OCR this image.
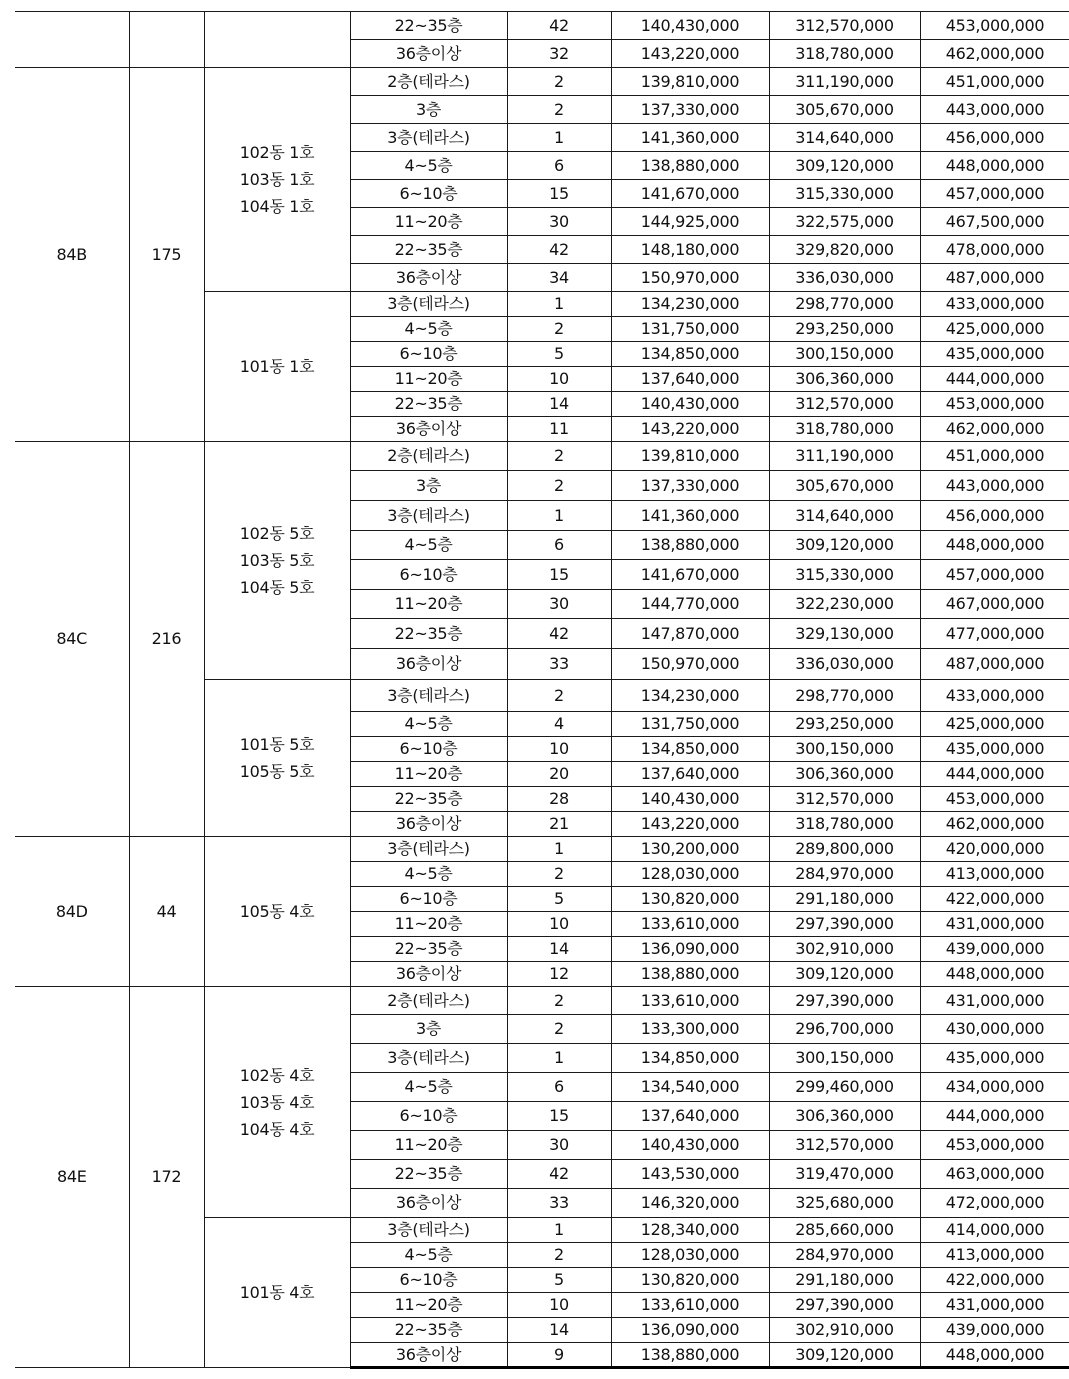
			22~35층	42	140,430,000	312,570,000	453,000,000	
			36층이상	32	143,220,000	318,780,000	462,000,000	
84B	175	102동 1호
103동 1호
104동 1호	2층(테라스)	2	139,810,000	311,190,000	451,000,000	
			3층	2	137,330,000	305,670,000	443,000,000	
			3층(테라스)	1	141,360,000	314,640,000	456,000,000	
			4~5층	6	138,880,000	309,120,000	448,000,000	
			6~10층	15	141,670,000	315,330,000	457,000,000	
			11~20층	30	144,925,000	322,575,000	467,500,000	
			22~35층	42	148,180,000	329,820,000	478,000,000	
			36층이상	34	150,970,000	336,030,000	487,000,000	
		101동 1호	3층(테라스)	1	134,230,000	298,770,000	433,000,000	
			4~5층	2	131,750,000	293,250,000	425,000,000	
			6~10층	5	134,850,000	300,150,000	435,000,000	
			11~20층	10	137,640,000	306,360,000	444,000,000	
			22~35층	14	140,430,000	312,570,000	453,000,000	
			36층이상	11	143,220,000	318,780,000	462,000,000	
84C	216	102동 5호
103동 5호
104동 5호	2층(테라스)	2	139,810,000	311,190,000	451,000,000	
			3층	2	137,330,000	305,670,000	443,000,000	
			3층(테라스)	1	141,360,000	314,640,000	456,000,000	
			4~5층	6	138,880,000	309,120,000	448,000,000	
			6~10층	15	141,670,000	315,330,000	457,000,000	
			11~20층	30	144,770,000	322,230,000	467,000,000	
			22~35층	42	147,870,000	329,130,000	477,000,000	
			36층이상	33	150,970,000	336,030,000	487,000,000	
		101동 5호
105동 5호	3층(테라스)	2	134,230,000	298,770,000	433,000,000	
			4~5층	4	131,750,000	293,250,000	425,000,000	
			6~10층	10	134,850,000	300,150,000	435,000,000	
			11~20층	20	137,640,000	306,360,000	444,000,000	
			22~35층	28	140,430,000	312,570,000	453,000,000	
			36층이상	21	143,220,000	318,780,000	462,000,000	
84D	44	105동 4호	3층(테라스)	1	130,200,000	289,800,000	420,000,000	
			4~5층	2	128,030,000	284,970,000	413,000,000	
			6~10층	5	130,820,000	291,180,000	422,000,000	
			11~20층	10	133,610,000	297,390,000	431,000,000	
			22~35층	14	136,090,000	302,910,000	439,000,000	
			36층이상	12	138,880,000	309,120,000	448,000,000	
84E	172	102동 4호
103동 4호
104동 4호	2층(테라스)	2	133,610,000	297,390,000	431,000,000	
			3층	2	133,300,000	296,700,000	430,000,000	
			3층(테라스)	1	134,850,000	300,150,000	435,000,000	
			4~5층	6	134,540,000	299,460,000	434,000,000	
			6~10층	15	137,640,000	306,360,000	444,000,000	
			11~20층	30	140,430,000	312,570,000	453,000,000	
			22~35층	42	143,530,000	319,470,000	463,000,000	
			36층이상	33	146,320,000	325,680,000	472,000,000	
		101동 4호	3층(테라스)	1	128,340,000	285,660,000	414,000,000	
			4~5층	2	128,030,000	284,970,000	413,000,000	
			6~10층	5	130,820,000	291,180,000	422,000,000	
			11~20층	10	133,610,000	297,390,000	431,000,000	
			22~35층	14	136,090,000	302,910,000	439,000,000	
			36층이상	9	138,880,000	309,120,000	448,000,000	
